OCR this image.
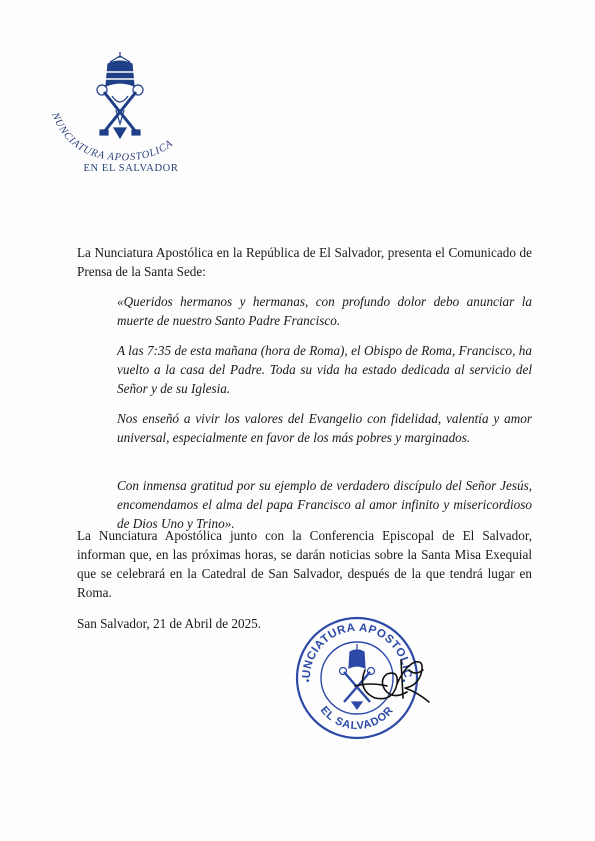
NUNCIATURA APOSTOLICA
EN EL SALVADOR

La Nunciatura Apostólica en la República de El Salvador, presenta el Comunicado de Prensa de la Santa Sede:

«Queridos hermanos y hermanas, con profundo dolor debo anunciar la muerte de nuestro Santo Padre Francisco.

A las 7:35 de esta mañana (hora de Roma), el Obispo de Roma, Francisco, ha vuelto a la casa del Padre. Toda su vida ha estado dedicada al servicio del Señor y de su Iglesia.

Nos enseñó a vivir los valores del Evangelio con fidelidad, valentía y amor universal, especialmente en favor de los más pobres y marginados.

Con inmensa gratitud por su ejemplo de verdadero discípulo del Señor Jesús, encomendamos el alma del papa Francisco al amor infinito y misericordioso de Dios Uno y Trino».

La Nunciatura Apostólica junto con la Conferencia Episcopal de El Salvador, informan que, en las próximas horas, se darán noticias sobre la Santa Misa Exequial que se celebrará en la Catedral de San Salvador, después de la que tendrá lugar en Roma.

San Salvador, 21 de Abril de 2025.

UNCIATURA APOSTOLIC
EL SALVADOR
•	•
